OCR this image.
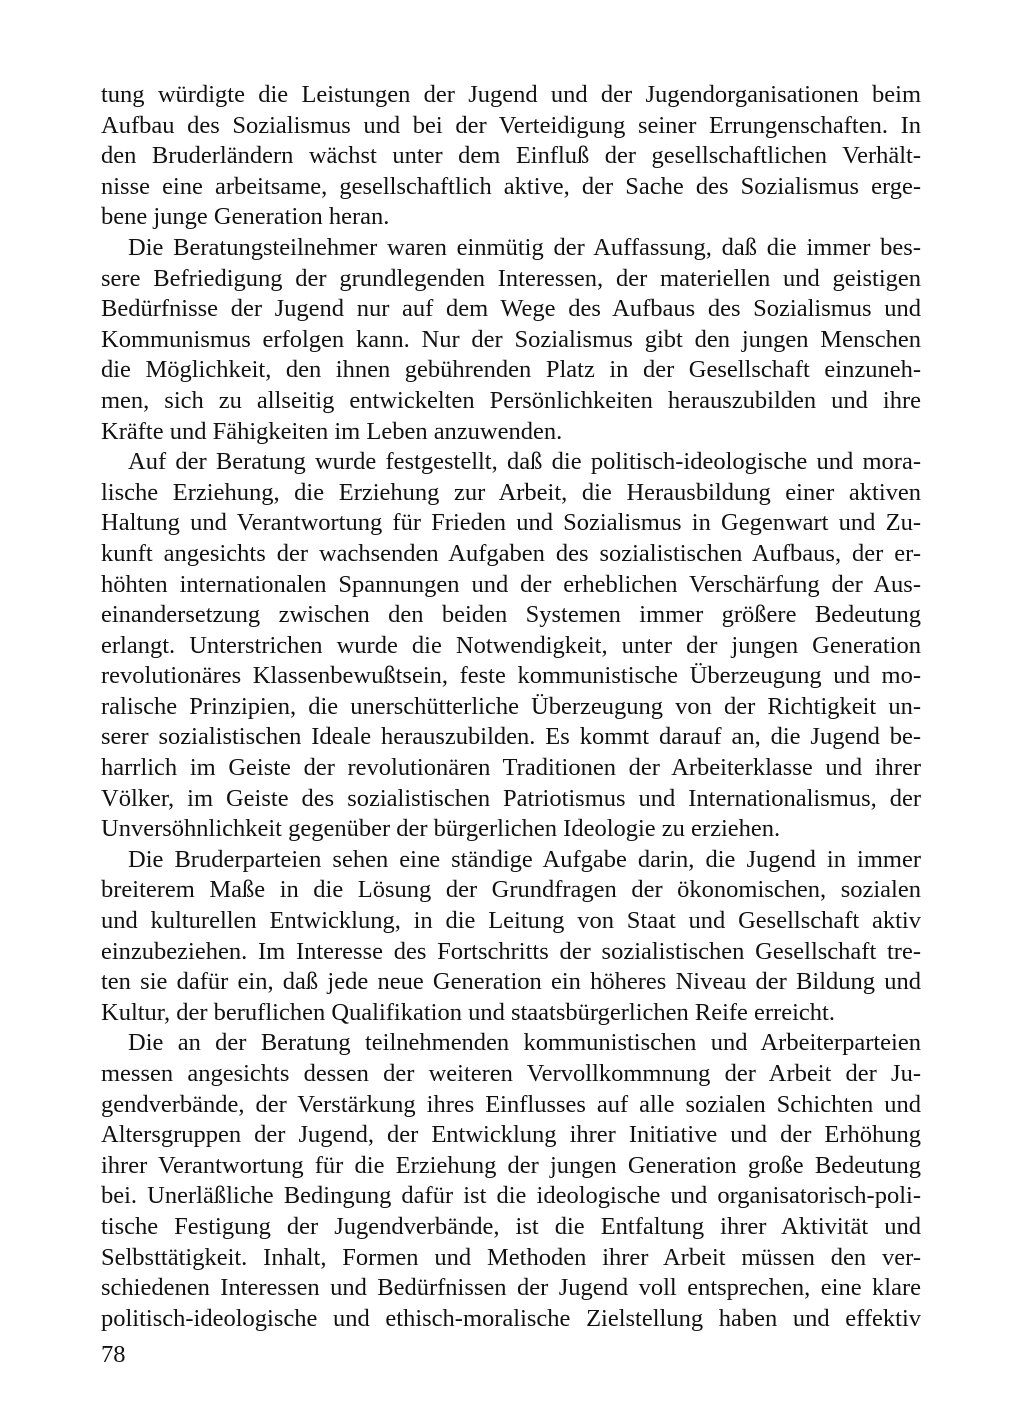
tung würdigte die Leistungen der Jugend und der Jugendorganisationen beim
Aufbau des Sozialismus und bei der Verteidigung seiner Errungenschaften. In
den Bruderländern wächst unter dem Einfluß der gesellschaftlichen Verhält-
nisse eine arbeitsame, gesellschaftlich aktive, der Sache des Sozialismus erge-
bene junge Generation heran.

Die Beratungsteilnehmer waren einmütig der Auffassung, daß die immer bes-
sere Befriedigung der grundlegenden Interessen, der materiellen und geistigen
Bedürfnisse der Jugend nur auf dem Wege des Aufbaus des Sozialismus und
Kommunismus erfolgen kann. Nur der Sozialismus gibt den jungen Menschen
die Möglichkeit, den ihnen gebührenden Platz in der Gesellschaft einzuneh-
men, sich zu allseitig entwickelten Persönlichkeiten herauszubilden und ihre
Kräfte und Fähigkeiten im Leben anzuwenden.

Auf der Beratung wurde festgestellt, daß die politisch-ideologische und mora-
lische Erziehung, die Erziehung zur Arbeit, die Herausbildung einer aktiven
Haltung und Verantwortung für Frieden und Sozialismus in Gegenwart und Zu-
kunft angesichts der wachsenden Aufgaben des sozialistischen Aufbaus, der er-
höhten internationalen Spannungen und der erheblichen Verschärfung der Aus-
einandersetzung zwischen den beiden Systemen immer größere Bedeutung
erlangt. Unterstrichen wurde die Notwendigkeit, unter der jungen Generation
revolutionäres Klassenbewußtsein, feste kommunistische Überzeugung und mo-
ralische Prinzipien, die unerschütterliche Überzeugung von der Richtigkeit un-
serer sozialistischen Ideale herauszubilden. Es kommt darauf an, die Jugend be-
harrlich im Geiste der revolutionären Traditionen der Arbeiterklasse und ihrer
Völker, im Geiste des sozialistischen Patriotismus und Internationalismus, der
Unversöhnlichkeit gegenüber der bürgerlichen Ideologie zu erziehen.

Die Bruderparteien sehen eine ständige Aufgabe darin, die Jugend in immer
breiterem Maße in die Lösung der Grundfragen der ökonomischen, sozialen
und kulturellen Entwicklung, in die Leitung von Staat und Gesellschaft aktiv
einzubeziehen. Im Interesse des Fortschritts der sozialistischen Gesellschaft tre-
ten sie dafür ein, daß jede neue Generation ein höheres Niveau der Bildung und
Kultur, der beruflichen Qualifikation und staatsbürgerlichen Reife erreicht.

Die an der Beratung teilnehmenden kommunistischen und Arbeiterparteien
messen angesichts dessen der weiteren Vervollkommnung der Arbeit der Ju-
gendverbände, der Verstärkung ihres Einflusses auf alle sozialen Schichten und
Altersgruppen der Jugend, der Entwicklung ihrer Initiative und der Erhöhung
ihrer Verantwortung für die Erziehung der jungen Generation große Bedeutung
bei. Unerläßliche Bedingung dafür ist die ideologische und organisatorisch-poli-
tische Festigung der Jugendverbände, ist die Entfaltung ihrer Aktivität und
Selbsttätigkeit. Inhalt, Formen und Methoden ihrer Arbeit müssen den ver-
schiedenen Interessen und Bedürfnissen der Jugend voll entsprechen, eine klare
politisch-ideologische und ethisch-moralische Zielstellung haben und effektiv

78
